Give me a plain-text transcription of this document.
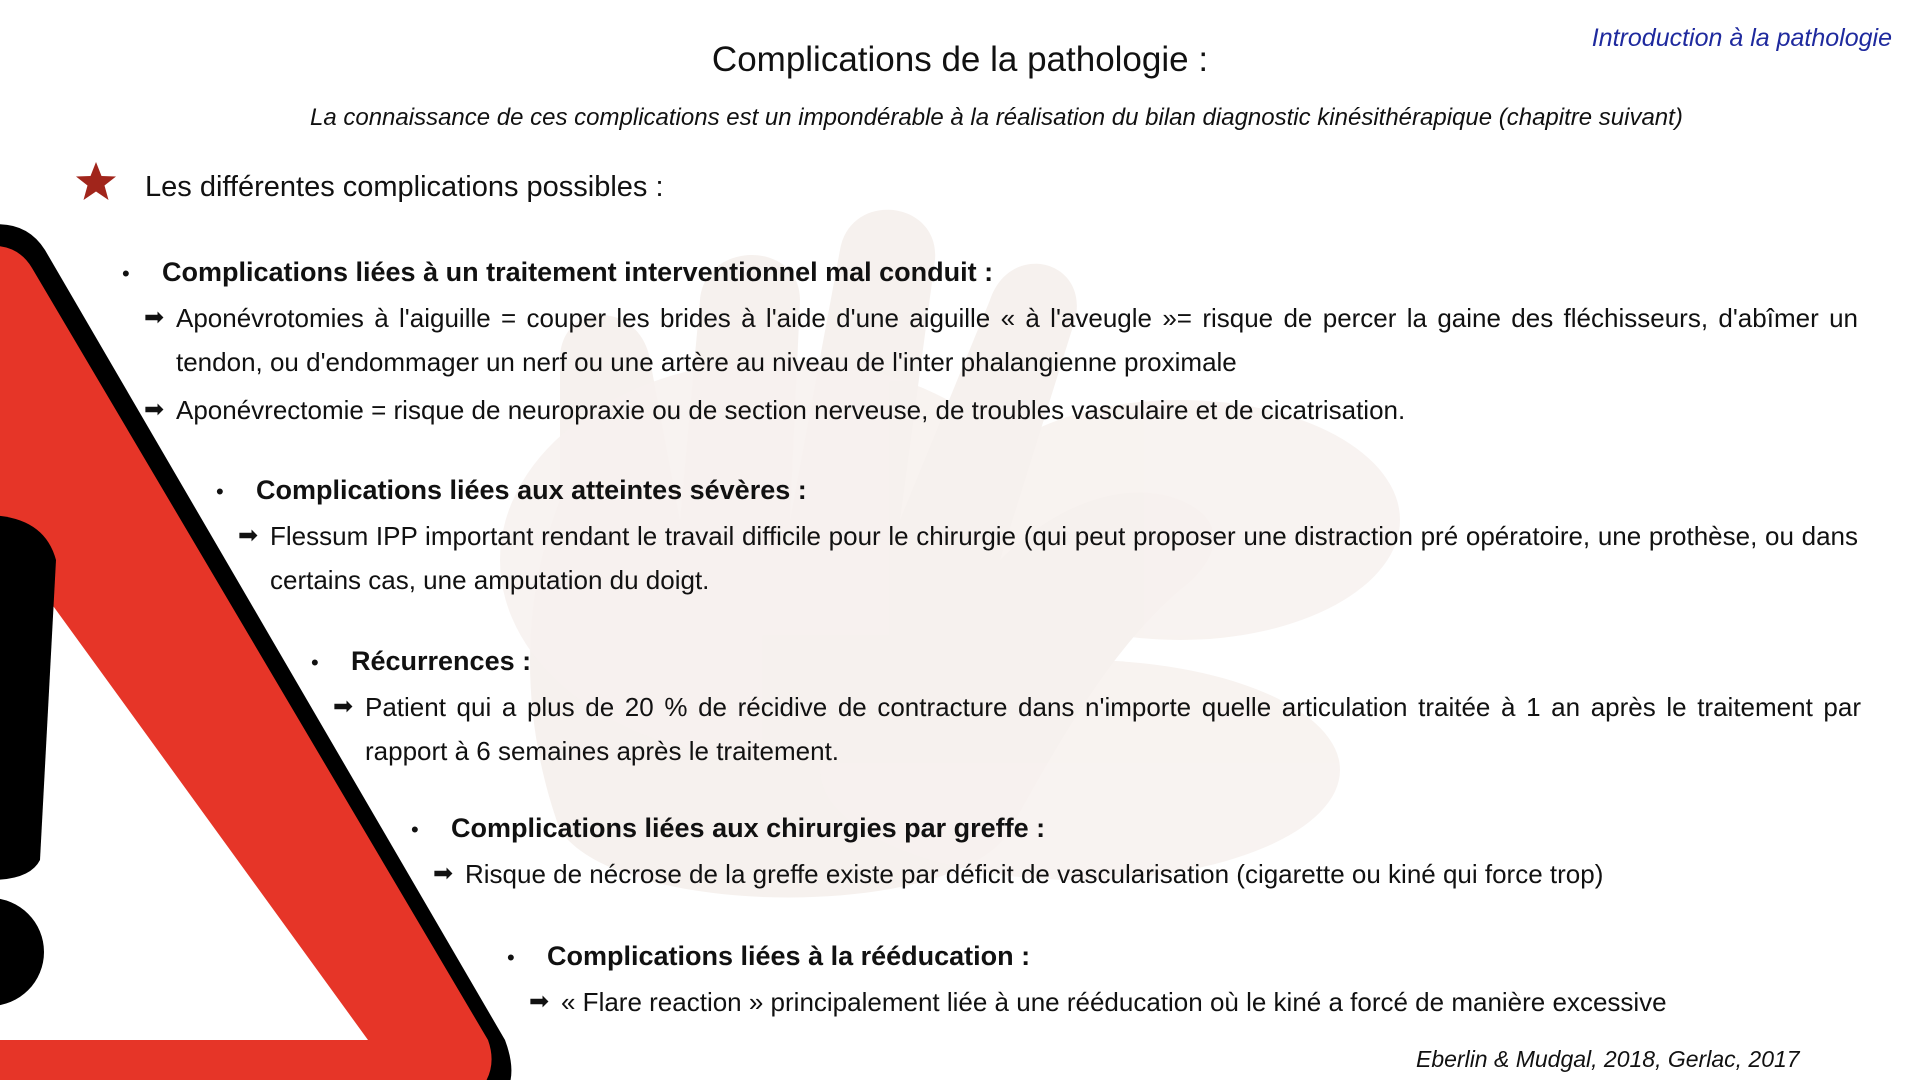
Introduction à la pathologie
Complications de la pathologie :
La connaissance de ces complications est un impondérable à la réalisation du bilan diagnostic kinésithérapique (chapitre suivant)
Les différentes complications possibles :
•	Complications liées à un traitement interventionnel mal conduit :
➡ Aponévrotomies à l'aiguille = couper les brides à l'aide d'une aiguille « à l'aveugle »= risque de percer la gaine des fléchisseurs, d'abîmer un tendon, ou d'endommager un nerf ou une artère au niveau de l'inter phalangienne proximale
➡ Aponévrectomie = risque de neuropraxie ou de section nerveuse, de troubles vasculaire et de cicatrisation.
•	Complications liées aux atteintes sévères :
➡ Flessum IPP important rendant le travail difficile pour le chirurgie (qui peut proposer une distraction pré opératoire, une prothèse, ou dans certains cas, une amputation du doigt.
•	Récurrences :
➡ Patient qui a plus de 20 % de récidive de contracture dans n'importe quelle articulation traitée à 1 an après le traitement par rapport à 6 semaines après le traitement.
•	Complications liées aux chirurgies par greffe :
➡ Risque de nécrose de la greffe existe par déficit de vascularisation (cigarette ou kiné qui force trop)
•	Complications liées à la rééducation :
➡ « Flare reaction » principalement liée à une rééducation où le kiné a forcé de manière excessive
Eberlin & Mudgal, 2018, Gerlac, 2017
